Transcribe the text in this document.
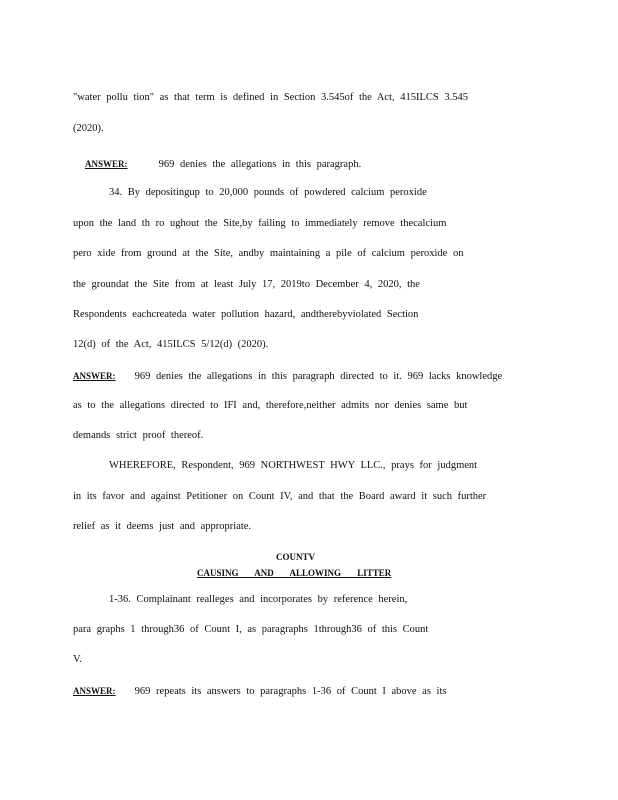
"water pollu tion" as that term is defined in Section 3.545of the Act, 415ILCS 3.545
(2020).
ANSWER:	969 denies the allegations in this paragraph.
34. By depositingup to 20,000 pounds of powdered calcium peroxide
upon the land th ro ughout the Site,by failing to immediately remove thecalcium
pero xide from ground at the Site, andby maintaining a pile of calcium peroxide on
the groundat the Site from at least July 17, 2019to December 4, 2020, the
Respondents eachcreateda water pollution hazard, andtherebyviolated Section
12(d) of the Act, 415ILCS 5/12(d) (2020).
ANSWER: 969 denies the allegations in this paragraph directed to it. 969 lacks knowledge
as to the allegations directed to IFI and, therefore,neither admits nor denies same but
demands strict proof thereof.
WHEREFORE, Respondent, 969 NORTHWEST HWY LLC., prays for judgment
in its favor and against Petitioner on Count IV, and that the Board award it such further
relief as it deems just and appropriate.
COUNTV
CAUSING AND ALLOWING LITTER
1-36. Complainant realleges and incorporates by reference herein,
para graphs 1 through36 of Count I, as paragraphs 1through36 of this Count
V.
ANSWER: 969 repeats its answers to paragraphs 1-36 of Count I above as its
